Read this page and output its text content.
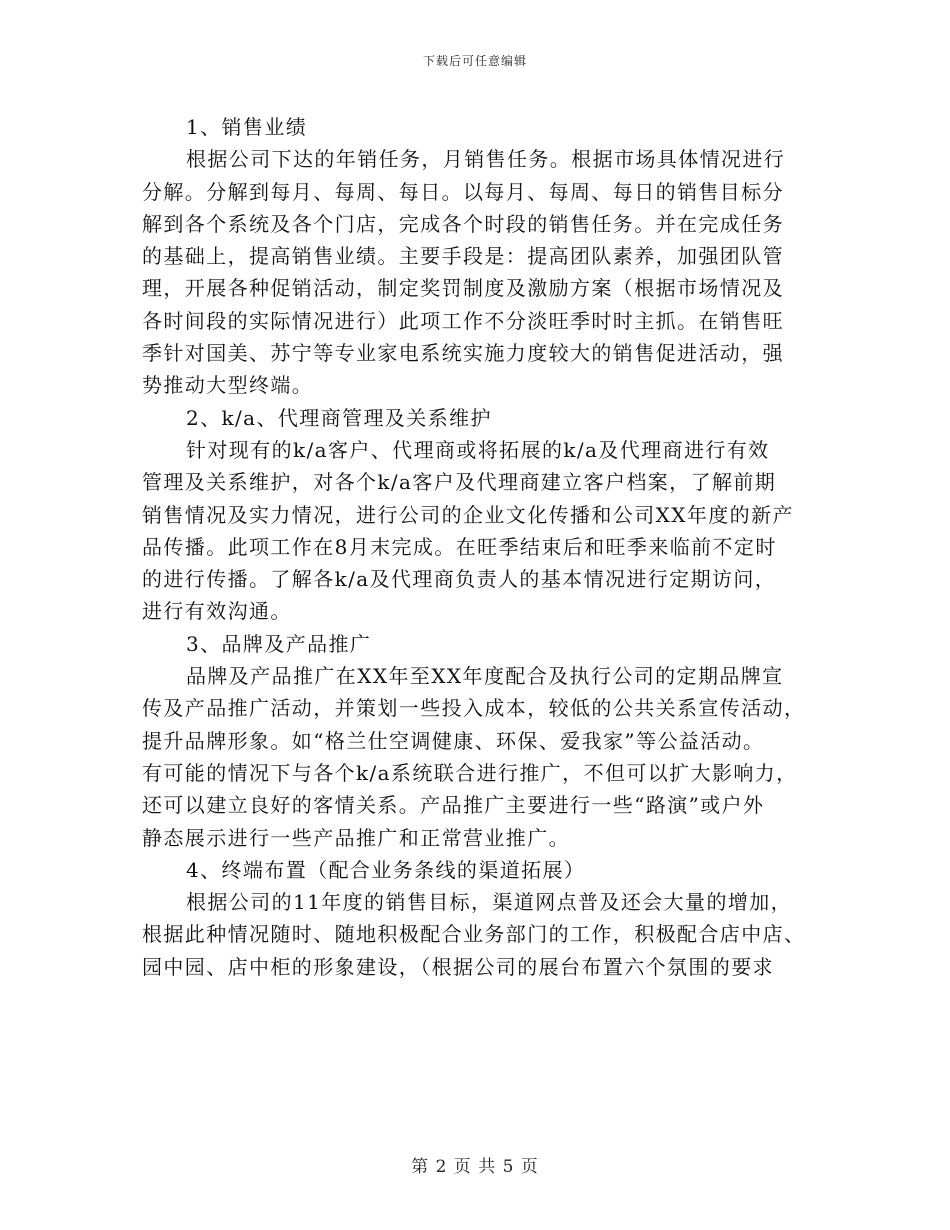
下载后可任意编辑
1、销售业绩
根据公司下达的年销任务，月销售任务。根据市场具体情况进行
分解。分解到每月、每周、每日。以每月、每周、每日的销售目标分
解到各个系统及各个门店，完成各个时段的销售任务。并在完成任务
的基础上，提高销售业绩。主要手段是：提高团队素养，加强团队管
理，开展各种促销活动，制定奖罚制度及激励方案（根据市场情况及
各时间段的实际情况进行）此项工作不分淡旺季时时主抓。在销售旺
季针对国美、苏宁等专业家电系统实施力度较大的销售促进活动，强
势推动大型终端。
2、k/a、代理商管理及关系维护
针对现有的k/a客户、代理商或将拓展的k/a及代理商进行有效
管理及关系维护，对各个k/a客户及代理商建立客户档案，了解前期
销售情况及实力情况，进行公司的企业文化传播和公司XX年度的新产
品传播。此项工作在8月末完成。在旺季结束后和旺季来临前不定时
的进行传播。了解各k/a及代理商负责人的基本情况进行定期访问，
进行有效沟通。
3、品牌及产品推广
品牌及产品推广在XX年至XX年度配合及执行公司的定期品牌宣
传及产品推广活动，并策划一些投入成本，较低的公共关系宣传活动，
提升品牌形象。如“格兰仕空调健康、环保、爱我家”等公益活动。
有可能的情况下与各个k/a系统联合进行推广，不但可以扩大影响力，
还可以建立良好的客情关系。产品推广主要进行一些“路演”或户外
静态展示进行一些产品推广和正常营业推广。
4、终端布置（配合业务条线的渠道拓展）
根据公司的11年度的销售目标，渠道网点普及还会大量的增加，
根据此种情况随时、随地积极配合业务部门的工作，积极配合店中店、
园中园、店中柜的形象建设，（根据公司的展台布置六个氛围的要求
第 2 页 共 5 页
